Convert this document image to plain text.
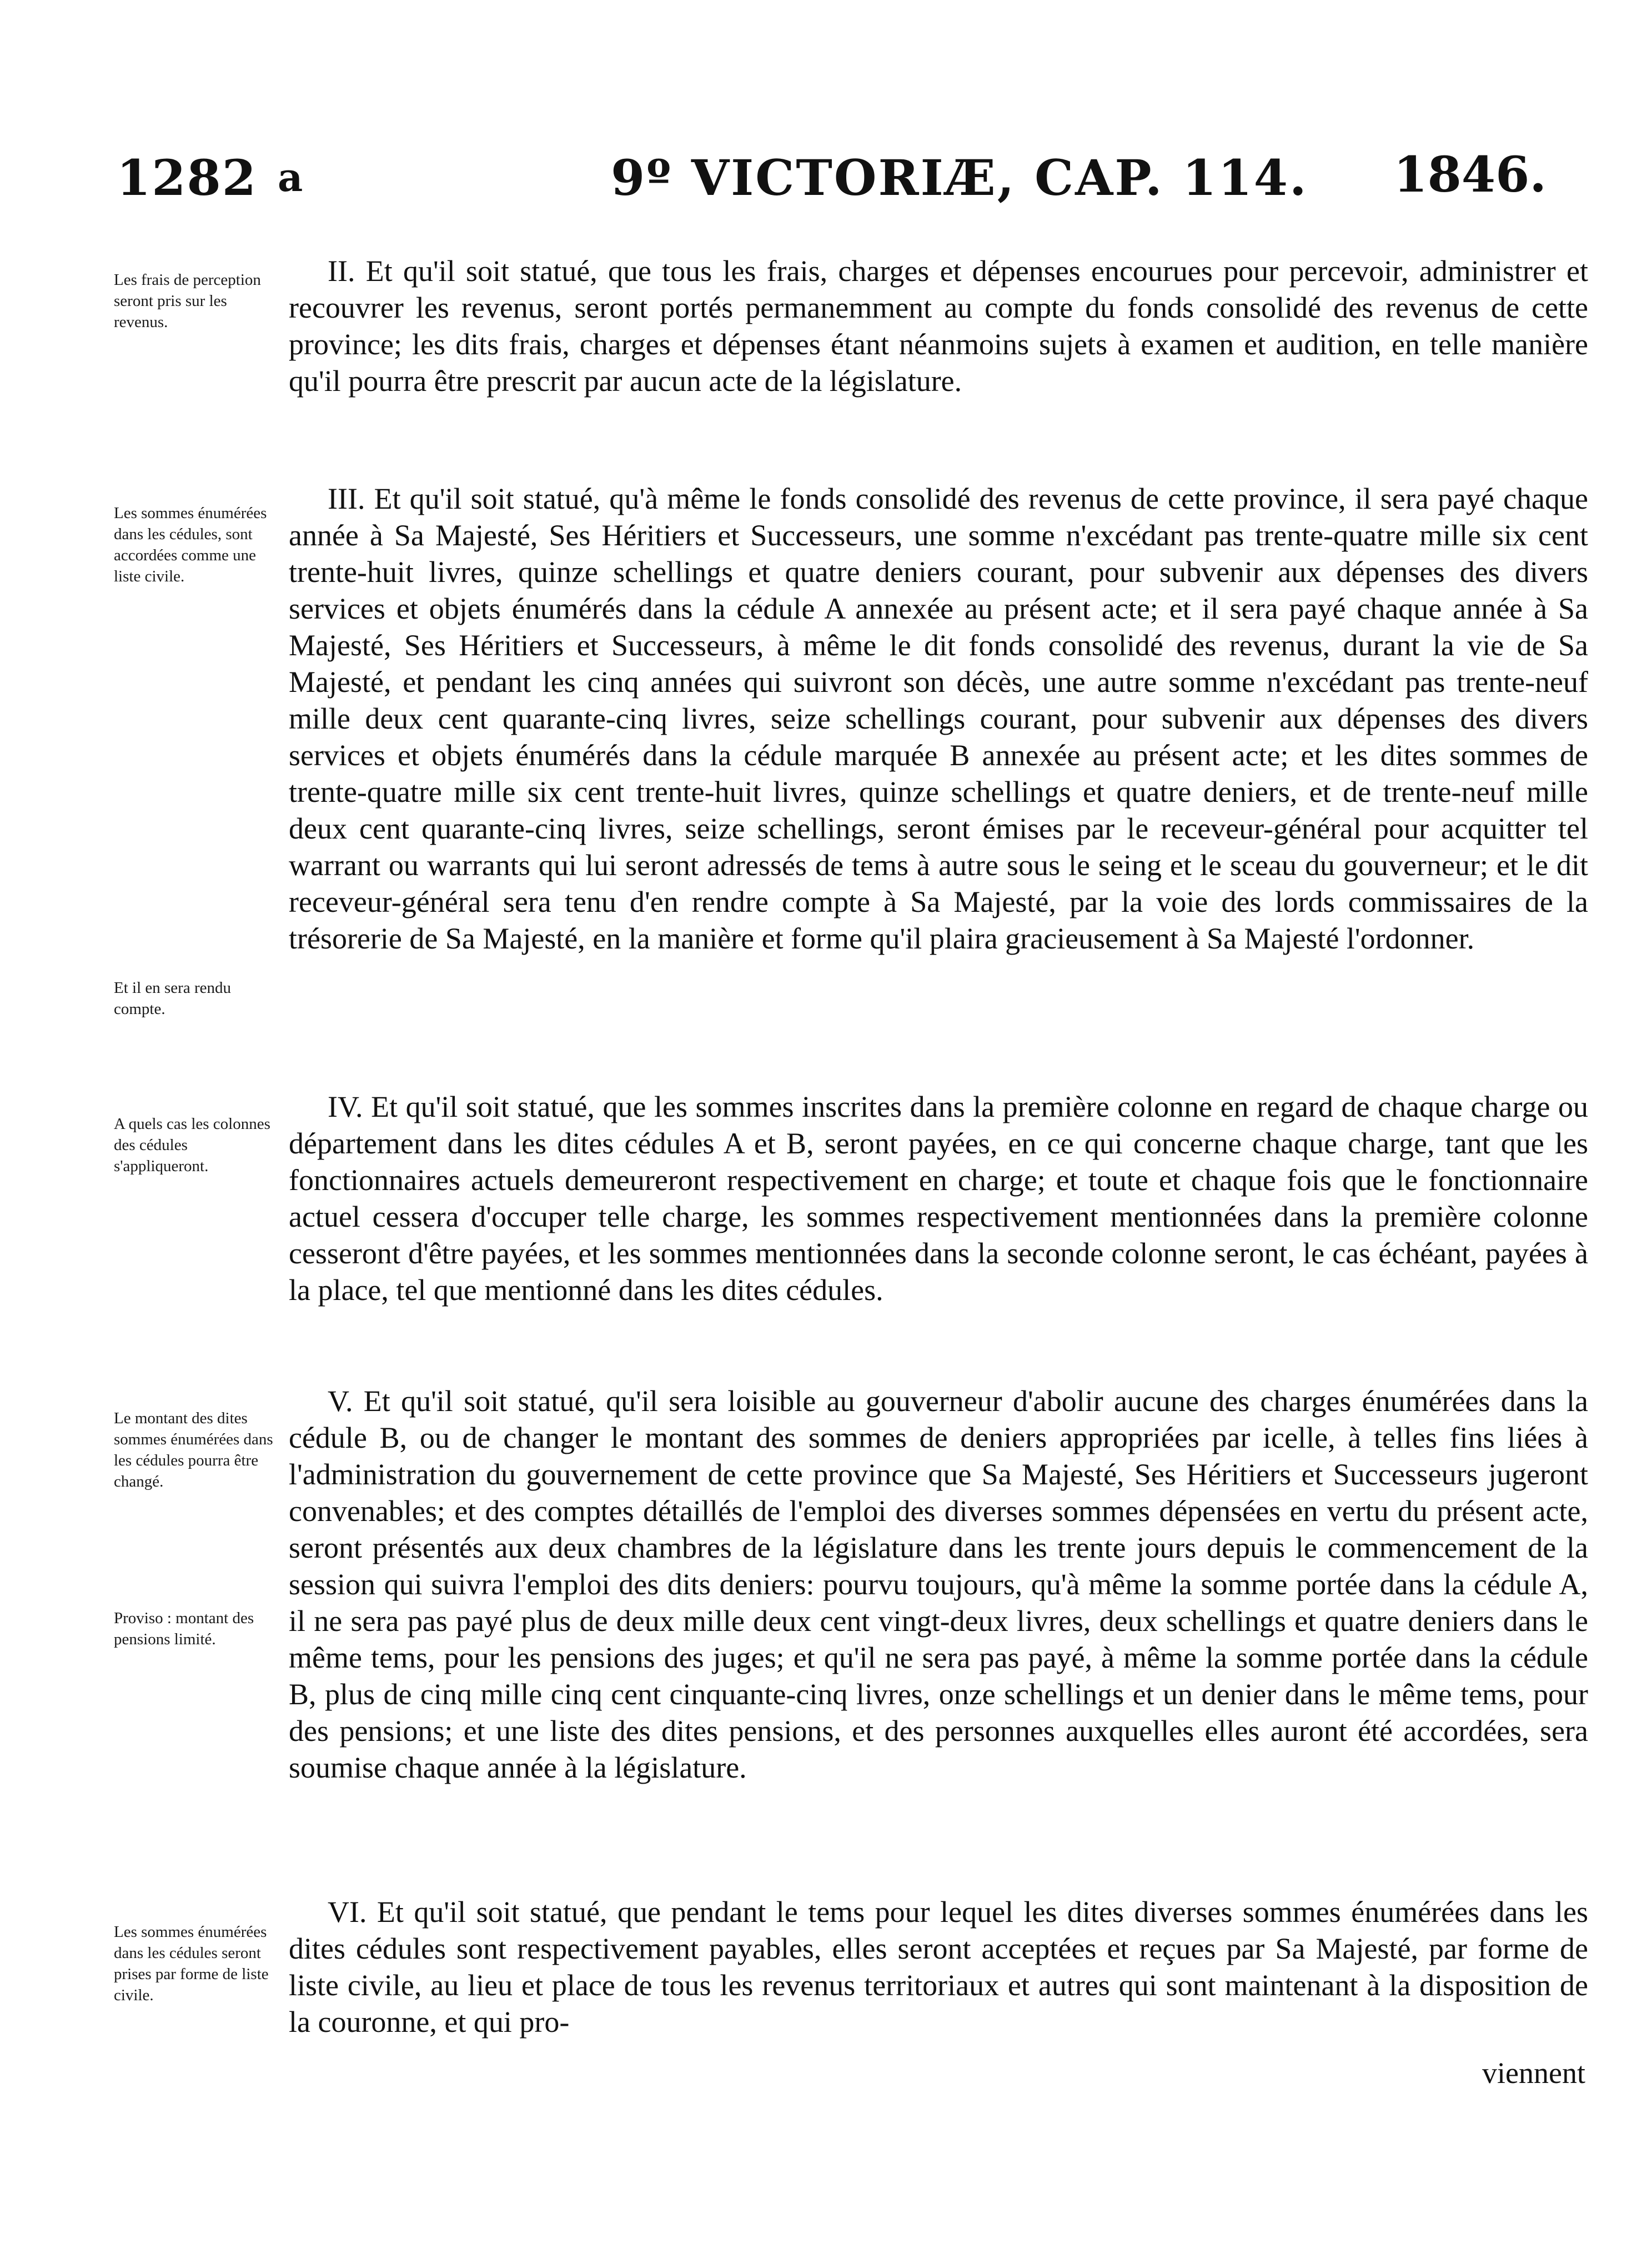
1282 a	9º VICTORIÆ, CAP. 114. 1846.
Les frais de perception seront pris sur les revenus.

II. Et qu'il soit statué, que tous les frais, charges et dépenses encourues pour percevoir, administrer et recouvrer les revenus, seront portés permanemment au compte du fonds consolidé des revenus de cette province; les dits frais, charges et dépenses étant néanmoins sujets à examen et audition, en telle manière qu'il pourra être prescrit par aucun acte de la législature.

Les sommes énumérées dans les cédules, sont accordées comme une liste civile.
Et il en sera rendu compte.

III. Et qu'il soit statué, qu'à même le fonds consolidé des revenus de cette province, il sera payé chaque année à Sa Majesté, Ses Héritiers et Successeurs, une somme n'excédant pas trente-quatre mille six cent trente-huit livres, quinze schellings et quatre deniers courant, pour subvenir aux dépenses des divers services et objets énumérés dans la cédule A annexée au présent acte; et il sera payé chaque année à Sa Majesté, Ses Héritiers et Successeurs, à même le dit fonds consolidé des revenus, durant la vie de Sa Majesté, et pendant les cinq années qui suivront son décès, une autre somme n'excédant pas trente-neuf mille deux cent quarante-cinq livres, seize schellings courant, pour subvenir aux dépenses des divers services et objets énumérés dans la cédule marquée B annexée au présent acte; et les dites sommes de trente-quatre mille six cent trente-huit livres, quinze schellings et quatre deniers, et de trente-neuf mille deux cent quarante-cinq livres, seize schellings, seront émises par le receveur-général pour acquitter tel warrant ou warrants qui lui seront adressés de tems à autre sous le seing et le sceau du gouverneur; et le dit receveur-général sera tenu d'en rendre compte à Sa Majesté, par la voie des lords commissaires de la trésorerie de Sa Majesté, en la manière et forme qu'il plaira gracieusement à Sa Majesté l'ordonner.

A quels cas les colonnes des cédules s'appliqueront.

IV. Et qu'il soit statué, que les sommes inscrites dans la première colonne en regard de chaque charge ou département dans les dites cédules A et B, seront payées, en ce qui concerne chaque charge, tant que les fonctionnaires actuels demeureront respectivement en charge; et toute et chaque fois que le fonctionnaire actuel cessera d'occuper telle charge, les sommes respectivement mentionnées dans la première colonne cesseront d'être payées, et les sommes mentionnées dans la seconde colonne seront, le cas échéant, payées à la place, tel que mentionné dans les dites cédules.

Le montant des dites sommes énumérées dans les cédules pourra être changé.
Proviso : montant des pensions limité.

V. Et qu'il soit statué, qu'il sera loisible au gouverneur d'abolir aucune des charges énumérées dans la cédule B, ou de changer le montant des sommes de deniers appropriées par icelle, à telles fins liées à l'administration du gouvernement de cette province que Sa Majesté, Ses Héritiers et Successeurs jugeront convenables; et des comptes détaillés de l'emploi des diverses sommes dépensées en vertu du présent acte, seront présentés aux deux chambres de la législature dans les trente jours depuis le commencement de la session qui suivra l'emploi des dits deniers: pourvu toujours, qu'à même la somme portée dans la cédule A, il ne sera pas payé plus de deux mille deux cent vingt-deux livres, deux schellings et quatre deniers dans le même tems, pour les pensions des juges; et qu'il ne sera pas payé, à même la somme portée dans la cédule B, plus de cinq mille cinq cent cinquante-cinq livres, onze schellings et un denier dans le même tems, pour des pensions; et une liste des dites pensions, et des personnes auxquelles elles auront été accordées, sera soumise chaque année à la législature.

Les sommes énumérées dans les cédules seront prises par forme de liste civile.

VI. Et qu'il soit statué, que pendant le tems pour lequel les dites diverses sommes énumérées dans les dites cédules sont respectivement payables, elles seront acceptées et reçues par Sa Majesté, par forme de liste civile, au lieu et place de tous les revenus territoriaux et autres qui sont maintenant à la disposition de la couronne, et qui pro-

viennent
